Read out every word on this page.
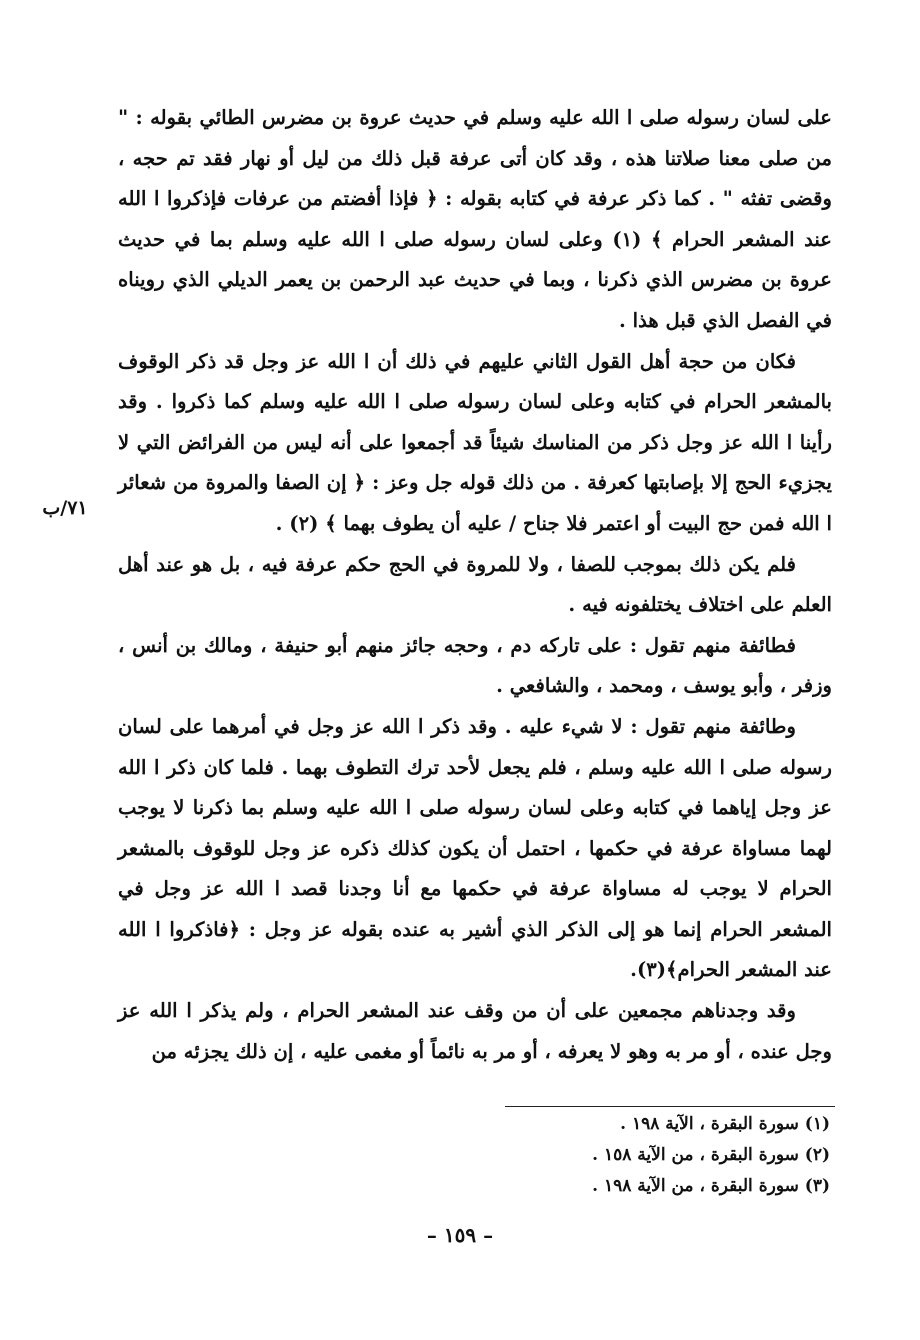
على لسان رسوله صلى ا الله عليه وسلم في حديث عروة بن مضرس الطائي بقوله : " من صلى معنا صلاتنا هذه ، وقد كان أتى عرفة قبل ذلك من ليل أو نهار فقد تم حجه ، وقضى تفثه " . كما ذكر عرفة في كتابه بقوله : ﴿ فإذا أفضتم من عرفات فإذكروا ا الله عند المشعر الحرام ﴾ (١) وعلى لسان رسوله صلى ا الله عليه وسلم بما في حديث عروة بن مضرس الذي ذكرنا ، وبما في حديث عبد الرحمن بن يعمر الديلي الذي رويناه في الفصل الذي قبل هذا .

فكان من حجة أهل القول الثاني عليهم في ذلك أن ا الله عز وجل قد ذكر الوقوف بالمشعر الحرام في كتابه وعلى لسان رسوله صلى ا الله عليه وسلم كما ذكروا . وقد رأينا ا الله عز وجل ذكر من المناسك شيئاً قد أجمعوا على أنه ليس من الفرائض التي لا يجزيء الحج إلا بإصابتها كعرفة . من ذلك قوله جل وعز : ﴿ إن الصفا والمروة من شعائر ا الله فمن حج البيت أو اعتمر فلا جناح / عليه أن يطوف بهما ﴾ (٢) .

فلم يكن ذلك بموجب للصفا ، ولا للمروة في الحج حكم عرفة فيه ، بل هو عند أهل العلم على اختلاف يختلفونه فيه .

فطائفة منهم تقول : على تاركه دم ، وحجه جائز منهم أبو حنيفة ، ومالك بن أنس ، وزفر ، وأبو يوسف ، ومحمد ، والشافعي .

وطائفة منهم تقول : لا شيء عليه . وقد ذكر ا الله عز وجل في أمرهما على لسان رسوله صلى ا الله عليه وسلم ، فلم يجعل لأحد ترك التطوف بهما . فلما كان ذكر ا الله عز وجل إياهما في كتابه وعلى لسان رسوله صلى ا الله عليه وسلم بما ذكرنا لا يوجب لهما مساواة عرفة في حكمها ، احتمل أن يكون كذلك ذكره عز وجل للوقوف بالمشعر الحرام لا يوجب له مساواة عرفة في حكمها مع أنا وجدنا قصد ا الله عز وجل في المشعر الحرام إنما هو إلى الذكر الذي أشير به عنده بقوله عز وجل : ﴿فاذكروا ا الله عند المشعر الحرام﴾(٣).

وقد وجدناهم مجمعين على أن من وقف عند المشعر الحرام ، ولم يذكر ا الله عز وجل عنده ، أو مر به وهو لا يعرفه ، أو مر به نائماً أو مغمى عليه ، إن ذلك يجزئه من

٧١/ب

(١) سورة البقرة ، الآية ١٩٨ .

(٢) سورة البقرة ، من الآية ١٥٨ .

(٣) سورة البقرة ، من الآية ١٩٨ .

– ١٥٩ –
